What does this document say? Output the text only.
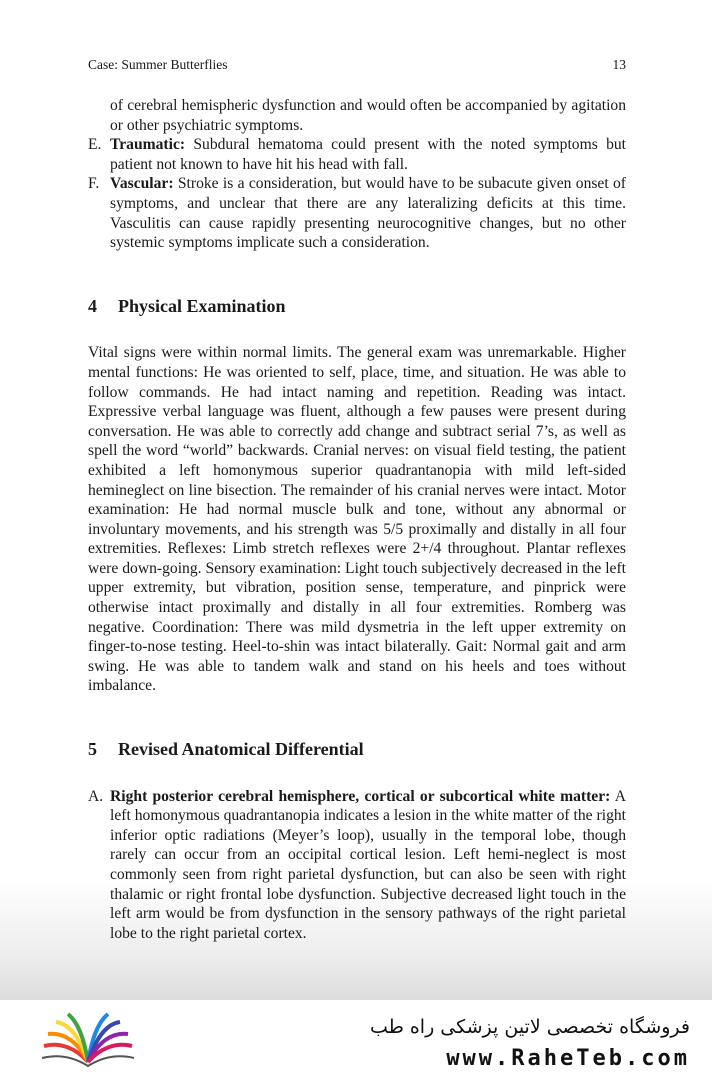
Case: Summer Butterflies	13
of cerebral hemispheric dysfunction and would often be accompanied by agitation or other psychiatric symptoms.
E. Traumatic: Subdural hematoma could present with the noted symptoms but patient not known to have hit his head with fall.
F. Vascular: Stroke is a consideration, but would have to be subacute given onset of symptoms, and unclear that there are any lateralizing deficits at this time. Vasculitis can cause rapidly presenting neurocognitive changes, but no other systemic symptoms implicate such a consideration.
4	Physical Examination
Vital signs were within normal limits. The general exam was unremarkable. Higher mental functions: He was oriented to self, place, time, and situation. He was able to follow commands. He had intact naming and repetition. Reading was intact. Expressive verbal language was fluent, although a few pauses were present during conversation. He was able to correctly add change and subtract serial 7’s, as well as spell the word “world” backwards. Cranial nerves: on visual field testing, the patient exhibited a left homonymous superior quadrantanopia with mild left-sided hemineglect on line bisection. The remainder of his cranial nerves were intact. Motor examination: He had normal muscle bulk and tone, without any abnormal or involuntary movements, and his strength was 5/5 proximally and distally in all four extremities. Reflexes: Limb stretch reflexes were 2+/4 throughout. Plantar reflexes were down-going. Sensory examination: Light touch subjectively decreased in the left upper extremity, but vibration, position sense, temperature, and pinprick were otherwise intact proximally and distally in all four extremities. Romberg was negative. Coordination: There was mild dysmetria in the left upper extremity on finger-to-nose testing. Heel-to-shin was intact bilaterally. Gait: Normal gait and arm swing. He was able to tandem walk and stand on his heels and toes without imbalance.
5	Revised Anatomical Differential
A. Right posterior cerebral hemisphere, cortical or subcortical white matter: A left homonymous quadrantanopia indicates a lesion in the white matter of the right inferior optic radiations (Meyer’s loop), usually in the temporal lobe, though rarely can occur from an occipital cortical lesion. Left hemi-neglect is most commonly seen from right parietal dysfunction, but can also be seen with right thalamic or right frontal lobe dysfunction. Subjective decreased light touch in the left arm would be from dysfunction in the sensory pathways of the right parietal lobe to the right parietal cortex.
فروشگاه تخصصی لاتین پزشکی راه طب
www.RaheTeb.com
